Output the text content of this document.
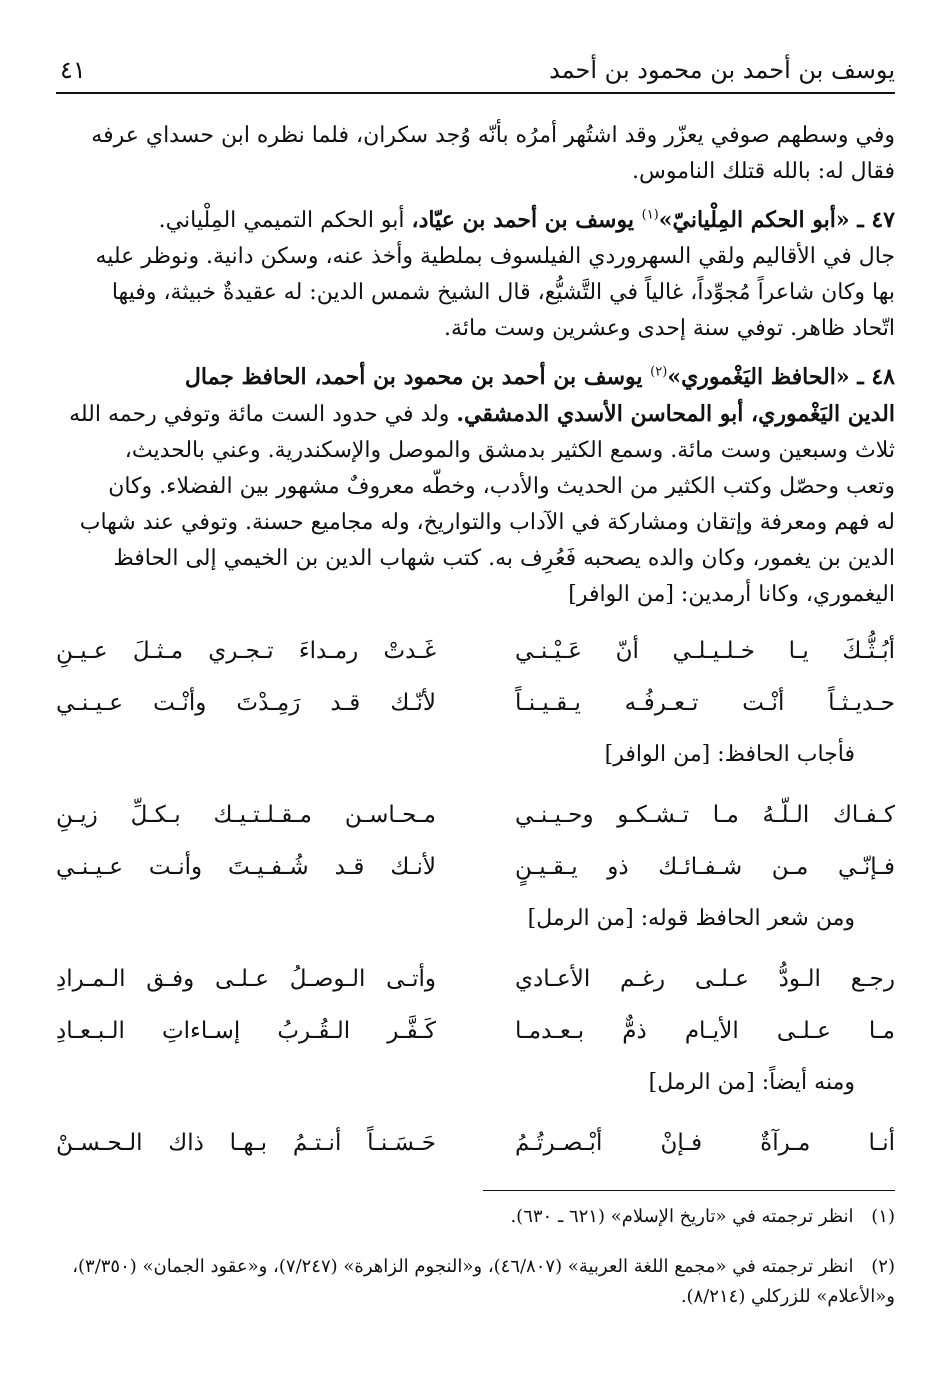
يوسف بن أحمد بن محمود بن أحمد
٤١
وفي وسطهم صوفي يعزّر وقد اشتُهر أمرُه بأنّه وُجد سكران، فلما نظره ابن حسداي عرفه
فقال له: بالله قتلك الناموس.
٤٧ ـ «أبو الحكم المِلْيانيّ»$^{(١)}$ يوسف بن أحمد بن عيّاد، أبو الحكم التميمي المِلْياني.
جال في الأقاليم ولقي السهروردي الفيلسوف بملطية وأخذ عنه، وسكن دانية. ونوظر عليه
بها وكان شاعراً مُجوِّداً، غالياً في التَّشيُّع، قال الشيخ شمس الدين: له عقيدةٌ خبيثة، وفيها
اتّحاد ظاهر. توفي سنة إحدى وعشرين وست مائة.
٤٨ ـ «الحافظ اليَغْموري»$^{(٢)}$ يوسف بن أحمد بن محمود بن أحمد، الحافظ جمال
الدين اليَغْموري، أبو المحاسن الأسدي الدمشقي. ولد في حدود الست مائة وتوفي رحمه الله
ثلاث وسبعين وست مائة. وسمع الكثير بدمشق والموصل والإسكندرية. وعني بالحديث،
وتعب وحصّل وكتب الكثير من الحديث والأدب، وخطّه معروفٌ مشهور بين الفضلاء. وكان
له فهم ومعرفة وإتقان ومشاركة في الآداب والتواريخ، وله مجاميع حسنة. وتوفي عند شهاب
الدين بن يغمور، وكان والده يصحبه فَعُرِف به. كتب شهاب الدين بن الخيمي إلى الحافظ
اليغموري، وكانا أرمدين: [من الوافر]
أبُـثُّـكَ يـا خـلـيـلـي أنّ عَـيْـنـي
غَـدتْ رمـداءَ تـجـري مـثـلَ عـيـنِ
حـديـثـاً أنْـت تـعـرفُـه يـقـيـنـاً
لأنّـك قـد رَمِـدْتَ وأنْـت عـيـنـي
فأجاب الحافظ: [من الوافر]
كـفـاك الـلّـهُ مـا تـشـكـو وحـيـنـي
مـحـاسـن مـقـلـتـيـك بـكـلِّ زيـنِ
فـإنّـي مـن شـفـائـك ذو يـقـيـنٍ
لأنـك قـد شُـفـيـتَ وأنـت عـيـنـي
ومن شعر الحافظ قوله: [من الرمل]
رجـع الـودُّ عـلـى رغـم الأعـادي
وأتـى الـوصـلُ عـلـى وفـق الـمـرادِ
مـا عـلـى الأيـام ذمٌّ بـعـدمـا
كَـفَّـر الـقُـربُ إسـاءاتِ الـبـعـادِ
ومنه أيضاً: [من الرمل]
أنـا مـرآةٌ فـإنْ أبْـصـرتُـمُ
حَـسَـنـاً أنـتـمُ بـهـا ذاك الـحـسـنْ

(١) انظر ترجمته في «تاريخ الإسلام» (٦٢١ ـ ٦٣٠).

(٢) انظر ترجمته في «مجمع اللغة العربية» (٤٦/٨٠٧)، و«النجوم الزاهرة» (٧/٢٤٧)، و«عقود الجمان» (٣/٣٥٠)، و«الأعلام» للزركلي (٨/٢١٤).
